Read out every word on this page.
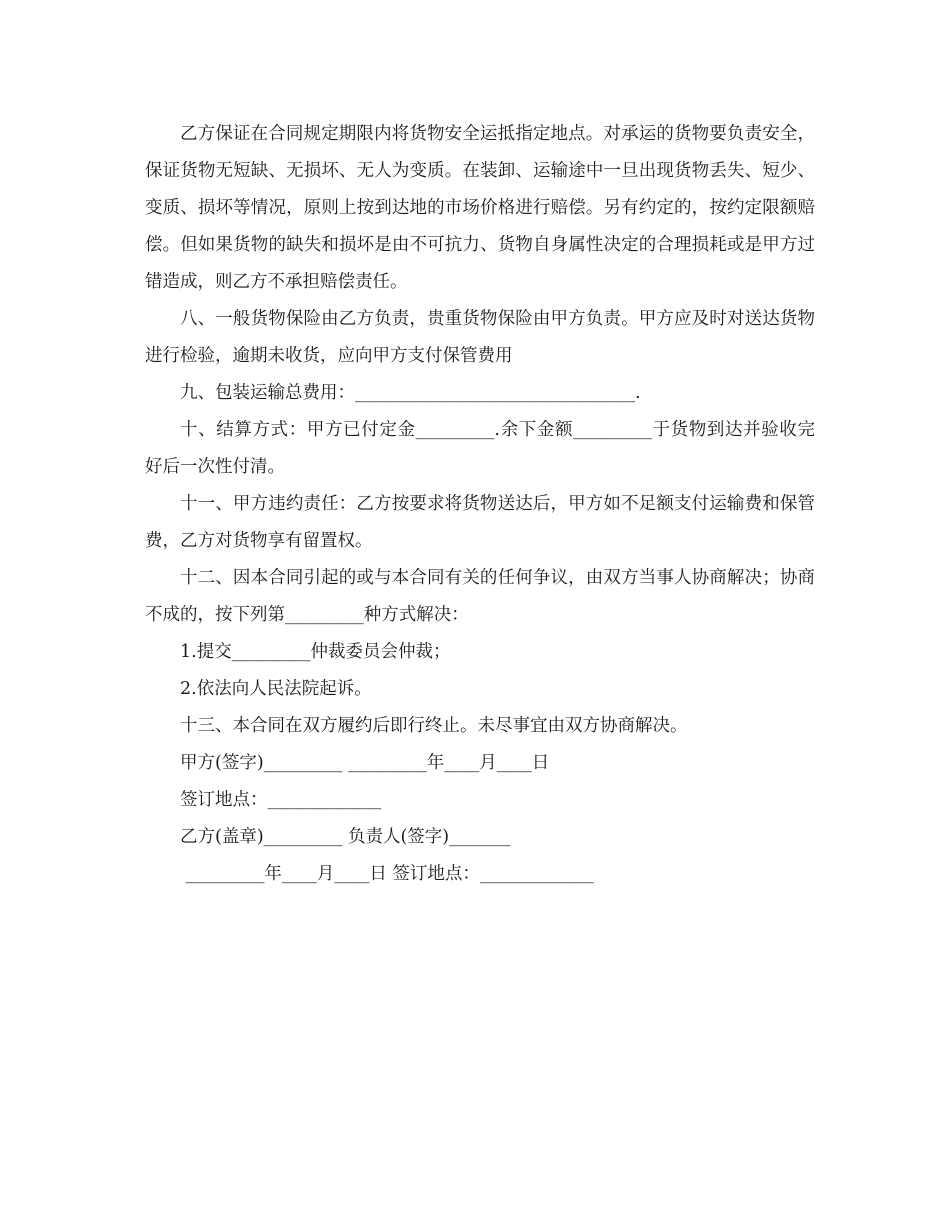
乙方保证在合同规定期限内将货物安全运抵指定地点。对承运的货物要负责安全，保证货物无短缺、无损坏、无人为变质。在装卸、运输途中一旦出现货物丢失、短少、变质、损坏等情况，原则上按到达地的市场价格进行赔偿。另有约定的，按约定限额赔偿。但如果货物的缺失和损坏是由不可抗力、货物自身属性决定的合理损耗或是甲方过错造成，则乙方不承担赔偿责任。

八、一般货物保险由乙方负责，贵重货物保险由甲方负责。甲方应及时对送达货物进行检验，逾期未收货，应向甲方支付保管费用

九、包装运输总费用：________________________________.

十、结算方式：甲方已付定金_________.余下金额_________于货物到达并验收完好后一次性付清。

十一、甲方违约责任：乙方按要求将货物送达后，甲方如不足额支付运输费和保管费，乙方对货物享有留置权。

十二、因本合同引起的或与本合同有关的任何争议，由双方当事人协商解决；协商不成的，按下列第_________种方式解决：

1.提交_________仲裁委员会仲裁；

2.依法向人民法院起诉。

十三、本合同在双方履约后即行终止。未尽事宜由双方协商解决。

甲方(签字)_________ _________年____月____日

签订地点：_____________

乙方(盖章)_________ 负责人(签字)_______

_________年____月____日 签订地点：_____________
